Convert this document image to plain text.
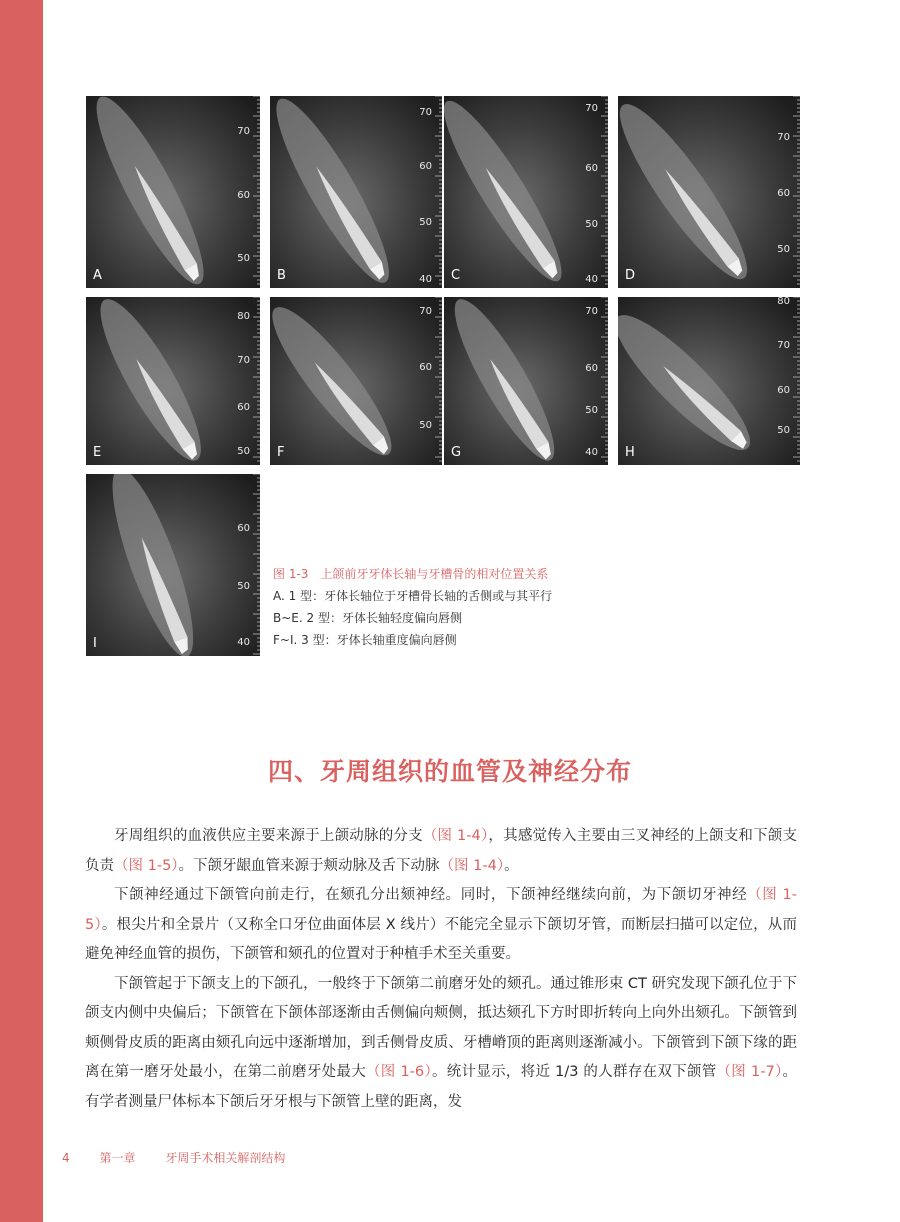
70
60
50
A
70
60
50
40
B
70
60
50
40
C
70
60
50
D
80
70
60
50
E
70
60
50
F
70
60
50
40
G
80
70
60
50
H
60
50
40
I
图 1-3　上颌前牙牙体长轴与牙槽骨的相对位置关系
A. 1 型：牙体长轴位于牙槽骨长轴的舌侧或与其平行
B~E. 2 型：牙体长轴轻度偏向唇侧
F~I. 3 型：牙体长轴重度偏向唇侧
四、牙周组织的血管及神经分布

牙周组织的血液供应主要来源于上颌动脉的分支（图 1-4），其感觉传入主要由三叉神经的上颌支和下颌支负责（图 1-5）。下颌牙龈血管来源于颊动脉及舌下动脉（图 1-4）。

下颌神经通过下颌管向前走行，在颏孔分出颏神经。同时，下颌神经继续向前，为下颌切牙神经（图 1-5）。根尖片和全景片（又称全口牙位曲面体层 X 线片）不能完全显示下颌切牙管，而断层扫描可以定位，从而避免神经血管的损伤，下颌管和颏孔的位置对于种植手术至关重要。

下颌管起于下颌支上的下颌孔，一般终于下颌第二前磨牙处的颏孔。通过锥形束 CT 研究发现下颌孔位于下颌支内侧中央偏后；下颌管在下颌体部逐渐由舌侧偏向颊侧，抵达颏孔下方时即折转向上向外出颏孔。下颌管到颊侧骨皮质的距离由颏孔向远中逐渐增加，到舌侧骨皮质、牙槽嵴顶的距离则逐渐减小。下颌管到下颌下缘的距离在第一磨牙处最小，在第二前磨牙处最大（图 1-6）。统计显示，将近 1/3 的人群存在双下颌管（图 1-7）。有学者测量尸体标本下颌后牙牙根与下颌管上壁的距离，发

4 第一章 牙周手术相关解剖结构
